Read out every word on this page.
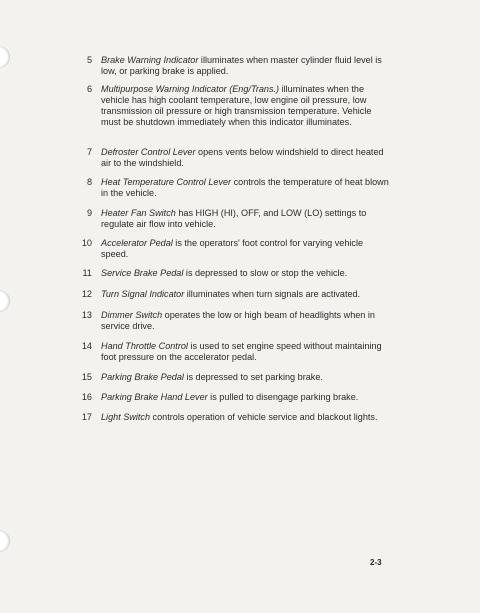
5 Brake Warning Indicator illuminates when master cylinder fluid level is low, or parking brake is applied.
6 Multipurpose Warning Indicator (Eng/Trans.) illuminates when the vehicle has high coolant temperature, low engine oil pressure, low transmission oil pressure or high transmission temperature. Vehicle must be shutdown immediately when this indicator illuminates.
7 Defroster Control Lever opens vents below windshield to direct heated air to the windshield.
8 Heat Temperature Control Lever controls the temperature of heat blown in the vehicle.
9 Heater Fan Switch has HIGH (HI), OFF, and LOW (LO) settings to regulate air flow into vehicle.
10 Accelerator Pedal is the operators' foot control for varying vehicle speed.
11 Service Brake Pedal is depressed to slow or stop the vehicle.
12 Turn Signal Indicator illuminates when turn signals are activated.
13 Dimmer Switch operates the low or high beam of headlights when in service drive.
14 Hand Throttle Control is used to set engine speed without maintaining foot pressure on the accelerator pedal.
15 Parking Brake Pedal is depressed to set parking brake.
16 Parking Brake Hand Lever is pulled to disengage parking brake.
17 Light Switch controls operation of vehicle service and blackout lights.
2-3
